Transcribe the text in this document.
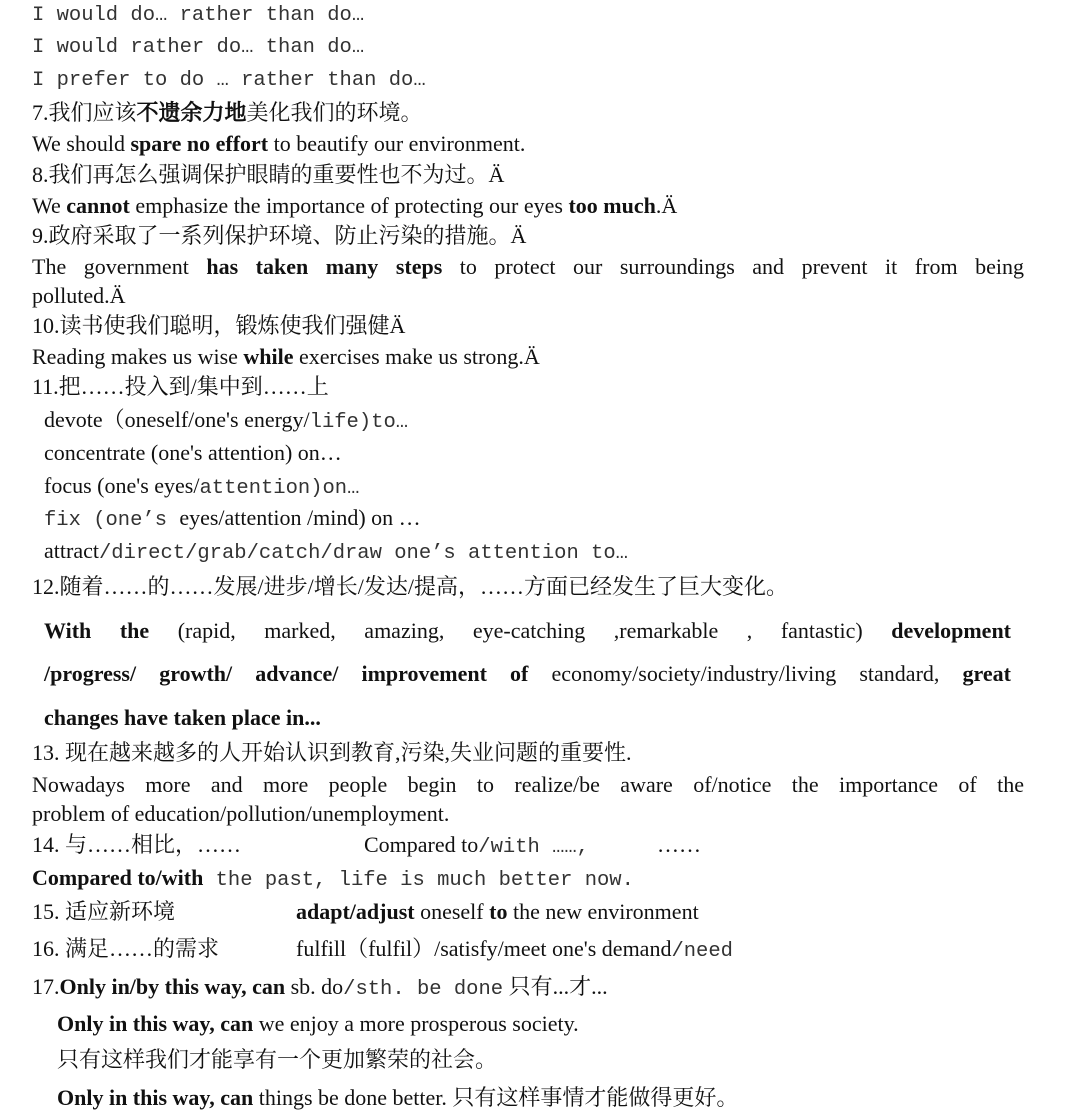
I would do… rather than do…
I would rather do… than do…
I prefer to do … rather than do…
7.我们应该不遗余力地美化我们的环境。
We should spare no effort to beautify our environment.
8.我们再怎么强调保护眼睛的重要性也不为过。Ä
We cannot emphasize the importance of protecting our eyes too much.Ä
9.政府采取了一系列保护环境、防止污染的措施。Ä
The government has taken many steps to protect our surroundings and prevent it from being
polluted.Ä
10.读书使我们聪明，锻炼使我们强健Ä
Reading makes us wise while exercises make us strong.Ä
11.把……投入到/集中到……上
devote（oneself/one's energy/life)to…
concentrate (one's attention) on…
focus (one's eyes/attention)on…
fix (one’s eyes/attention /mind) on …
attract/direct/grab/catch/draw one’s attention to…
12.随着……的……发展/进步/增长/发达/提高，……方面已经发生了巨大变化。
With the (rapid, marked, amazing, eye-catching ,remarkable , fantastic) development
/progress/ growth/ advance/ improvement of economy/society/industry/living standard, great
changes have taken place in...
13. 现在越来越多的人开始认识到教育,污染,失业问题的重要性.
Nowadays more and more people begin to realize/be aware of/notice the importance of the
problem of education/pollution/unemployment.
14. 与……相比，……	Compared to/with ……,	……
Compared to/with the past, life is much better now.
15. 适应新环境	adapt/adjust oneself to the new environment
16. 满足……的需求	fulfill（fulfil）/satisfy/meet one's demand/need
17.Only in/by this way, can sb. do/sth. be done 只有...才...
Only in this way, can we enjoy a more prosperous society.
只有这样我们才能享有一个更加繁荣的社会。
Only in this way, can things be done better. 只有这样事情才能做得更好。
